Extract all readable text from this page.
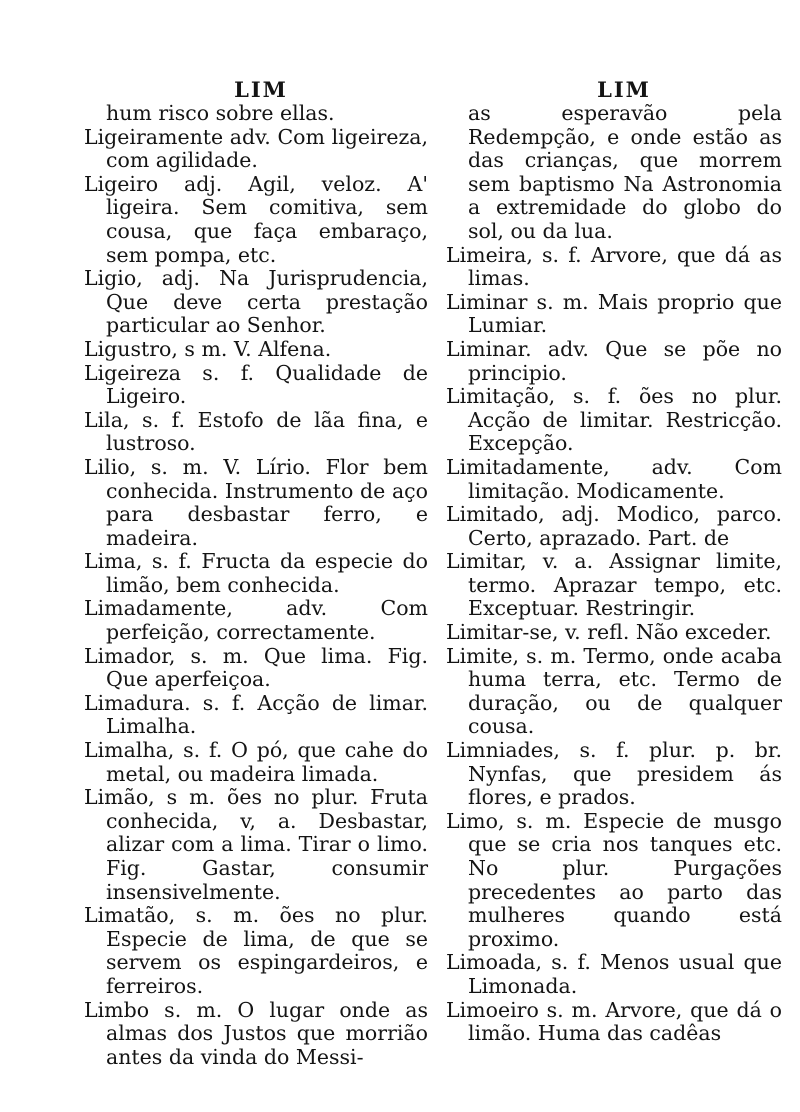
LIM

hum risco sobre ellas.

Ligeiramente adv. Com ligeireza, com agilidade.

Ligeiro adj. Agil, veloz. A' ligeira. Sem comitiva, sem cousa, que faça embaraço, sem pompa, etc.

Ligio, adj. Na Jurisprudencia, Que deve certa prestação particular ao Senhor.

Ligustro, s m. V. Alfena.

Ligeireza s. f. Qualidade de Ligeiro.

Lila, s. f. Estofo de lãa fina, e lustroso.

Lilio, s. m. V. Lírio. Flor bem conhecida. Instrumento de aço para desbastar ferro, e madeira.

Lima, s. f. Fructa da especie do limão, bem conhecida.

Limadamente, adv. Com perfeição, correctamente.

Limador, s. m. Que lima. Fig. Que aperfeiçoa.

Limadura. s. f. Acção de limar. Limalha.

Limalha, s. f. O pó, que cahe do metal, ou madeira limada.

Limão, s m. ões no plur. Fruta conhecida, v, a. Desbastar, alizar com a lima. Tirar o limo. Fig. Gastar, consumir insensivelmente.

Limatão, s. m. ões no plur. Especie de lima, de que se servem os espingardeiros, e ferreiros.

Limbo s. m. O lugar onde as almas dos Justos que morrião antes da vinda do Messi-

LIM

as esperavão pela Redempção, e onde estão as das crianças, que morrem sem baptismo Na Astronomia a extremidade do globo do sol, ou da lua.

Limeira, s. f. Arvore, que dá as limas.

Liminar s. m. Mais proprio que Lumiar.

Liminar. adv. Que se põe no principio.

Limitação, s. f. ões no plur. Acção de limitar. Restricção. Excepção.

Limitadamente, adv. Com limitação. Modicamente.

Limitado, adj. Modico, parco. Certo, aprazado. Part. de

Limitar, v. a. Assignar limite, termo. Aprazar tempo, etc. Exceptuar. Restringir.

Limitar-se, v. refl. Não exceder.

Limite, s. m. Termo, onde acaba huma terra, etc. Termo de duração, ou de qualquer cousa.

Limniades, s. f. plur. p. br. Nynfas, que presidem ás flores, e prados.

Limo, s. m. Especie de musgo que se cria nos tanques etc. No plur. Purgações precedentes ao parto das mulheres quando está proximo.

Limoada, s. f. Menos usual que Limonada.

Limoeiro s. m. Arvore, que dá o limão. Huma das cadêas
